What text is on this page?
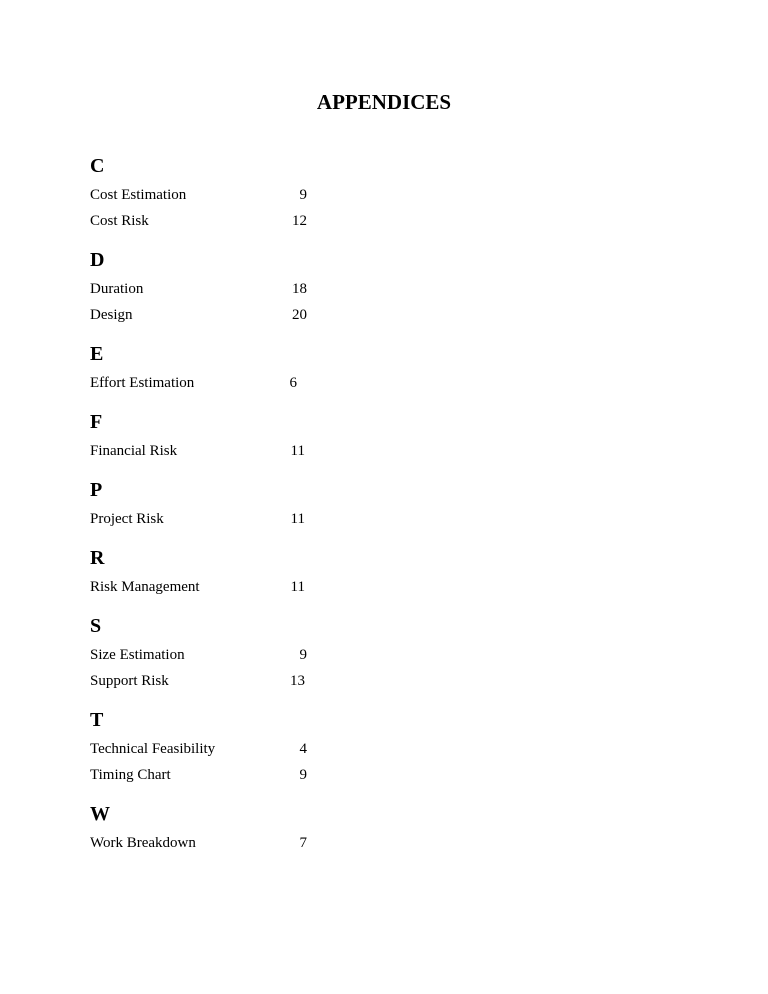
APPENDICES
C
Cost Estimation	9
Cost Risk	12
D
Duration	18
Design	20
E
Effort Estimation	6
F
Financial Risk	11
P
Project Risk	11
R
Risk Management	11
S
Size Estimation	9
Support Risk	13
T
Technical Feasibility	4
Timing Chart	9
W
Work Breakdown	7
